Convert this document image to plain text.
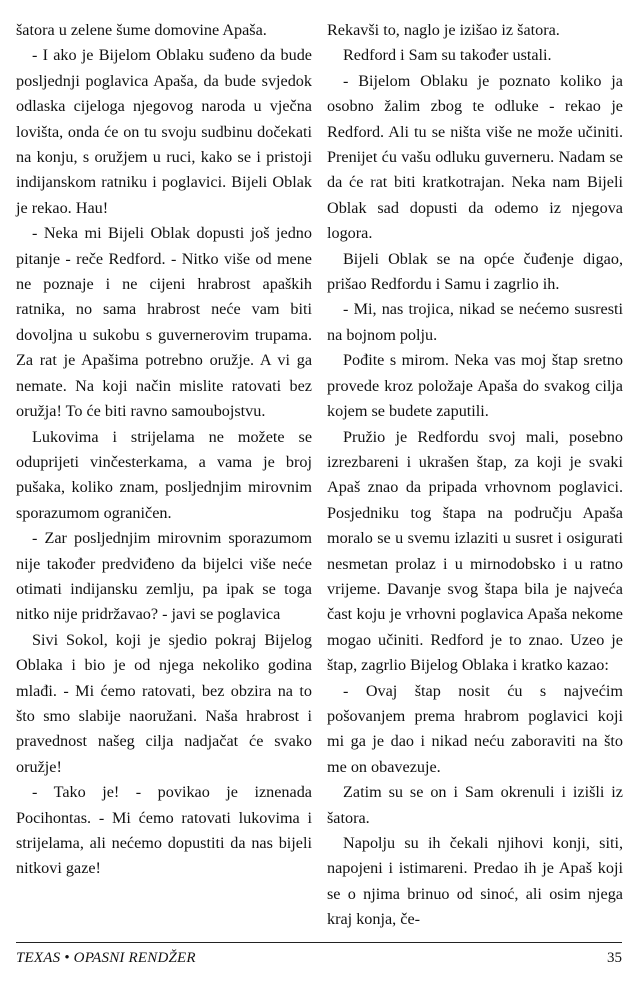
šatora u zelene šume domovine Apaša.

- I ako je Bijelom Oblaku suđeno da bude posljednji poglavica Apaša, da bude svjedok odlaska cijeloga njegovog naroda u vječna lovišta, onda će on tu svoju sudbinu dočekati na konju, s oružjem u ruci, kako se i pristoji indijanskom ratniku i poglavici. Bijeli Oblak je rekao. Hau!

- Neka mi Bijeli Oblak dopusti još jedno pitanje - reče Redford. - Nitko više od mene ne poznaje i ne cijeni hrabrost apaških ratnika, no sama hrabrost neće vam biti dovoljna u sukobu s guvernerovim trupama. Za rat je Apašima potrebno oružje. A vi ga nemate. Na koji način mislite ratovati bez oružja! To će biti ravno samoubojstvu.

Lukovima i strijelama ne možete se oduprijeti vinčesterkama, a vama je broj pušaka, koliko znam, posljednjim mirovnim sporazumom ograničen.

- Zar posljednjim mirovnim sporazumom nije također predviđeno da bijelci više neće otimati indijansku zemlju, pa ipak se toga nitko nije pridržavao? - javi se poglavica

Sivi Sokol, koji je sjedio pokraj Bijelog Oblaka i bio je od njega nekoliko godina mlađi. - Mi ćemo ratovati, bez obzira na to što smo slabije naoružani. Naša hrabrost i pravednost našeg cilja nadjačat će svako oružje!

- Tako je! - povikao je iznenada Pocihontas. - Mi ćemo ratovati lukovima i strijelama, ali nećemo dopustiti da nas bijeli nitkovi gaze!

Rekavši to, naglo je izišao iz šatora.

Redford i Sam su također ustali.

- Bijelom Oblaku je poznato koliko ja osobno žalim zbog te odluke - rekao je Redford. Ali tu se ništa više ne može učiniti. Prenijet ću vašu odluku guverneru. Nadam se da će rat biti kratkotrajan. Neka nam Bijeli Oblak sad dopusti da odemo iz njegova logora.

Bijeli Oblak se na opće čuđenje digao, prišao Redfordu i Samu i zagrlio ih.

- Mi, nas trojica, nikad se nećemo susresti na bojnom polju.

Pođite s mirom. Neka vas moj štap sretno provede kroz položaje Apaša do svakog cilja kojem se budete zaputili.

Pružio je Redfordu svoj mali, posebno izrezbareni i ukrašen štap, za koji je svaki Apaš znao da pripada vrhovnom poglavici. Posjedniku tog štapa na području Apaša moralo se u svemu izlaziti u susret i osigurati nesmetan prolaz i u mirnodobsko i u ratno vrijeme. Davanje svog štapa bila je najveća čast koju je vrhovni poglavica Apaša nekome mogao učiniti. Redford je to znao. Uzeo je štap, zagrlio Bijelog Oblaka i kratko kazao:

- Ovaj štap nosit ću s najvećim pošovanjem prema hrabrom poglavici koji mi ga je dao i nikad neću zaboraviti na što me on obavezuje.

Zatim su se on i Sam okrenuli i izišli iz šatora.

Napolju su ih čekali njihovi konji, siti, napojeni i istimareni. Predao ih je Apaš koji se o njima brinuo od sinoć, ali osim njega kraj konja, če-

TEXAS • OPASNI RENDŽER	35
